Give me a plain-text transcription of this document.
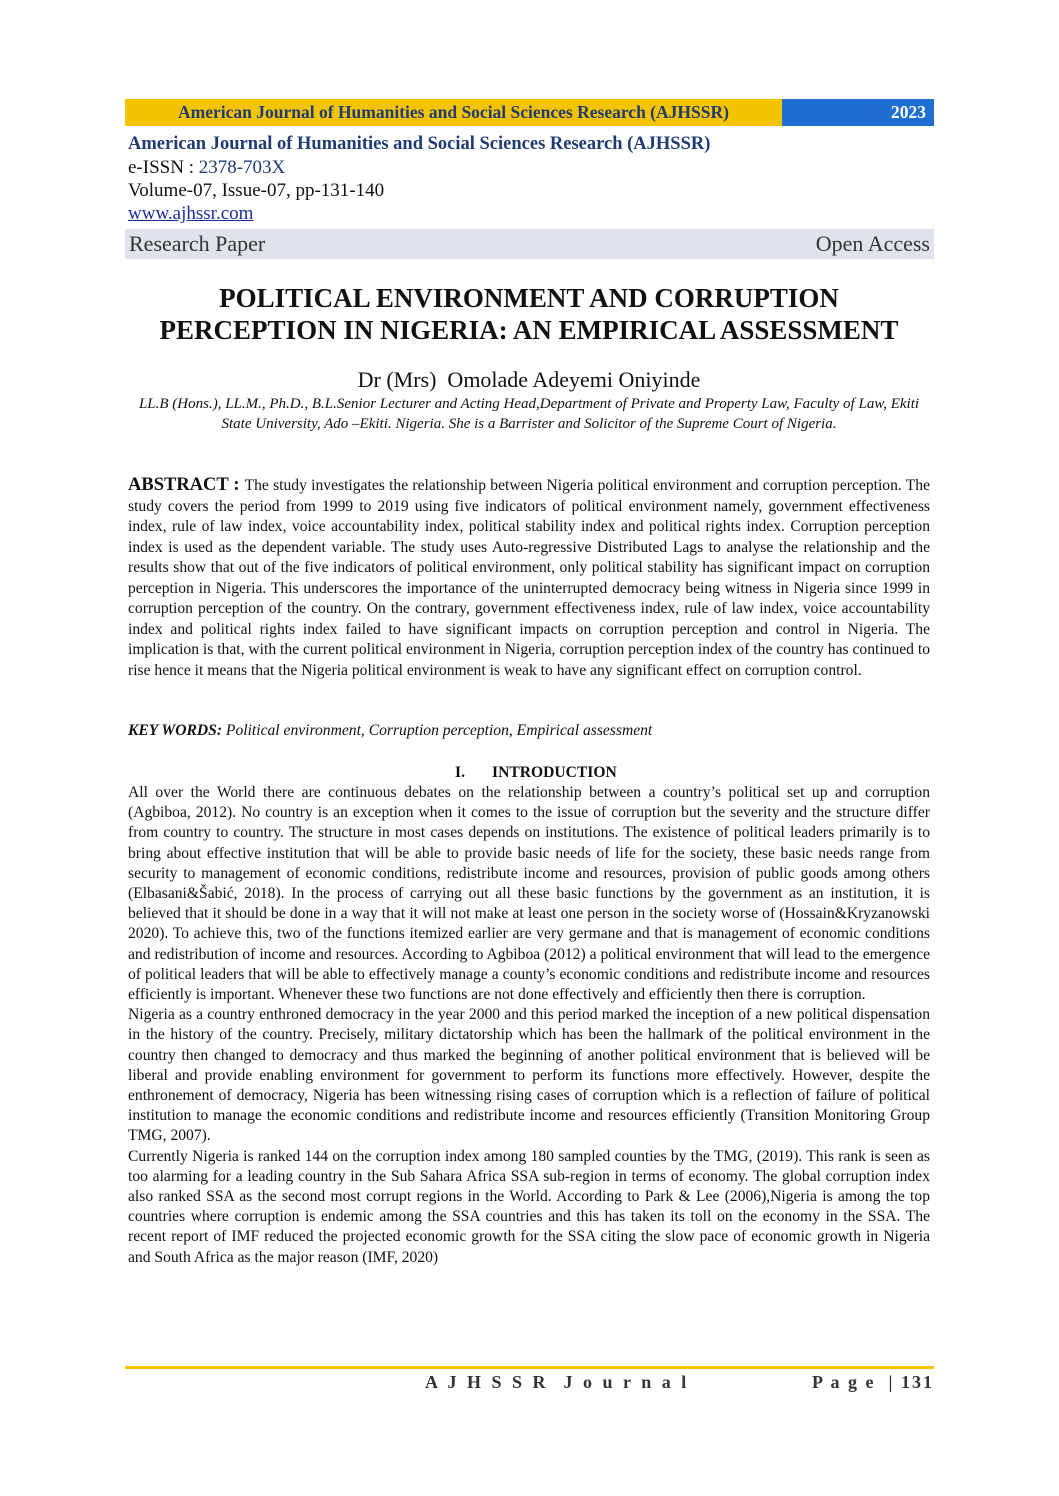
American Journal of Humanities and Social Sciences Research (AJHSSR)	2023
American Journal of Humanities and Social Sciences Research (AJHSSR)
e-ISSN : 2378-703X
Volume-07, Issue-07, pp-131-140
www.ajhssr.com
Research Paper	Open Access
POLITICAL ENVIRONMENT AND CORRUPTION
PERCEPTION IN NIGERIA: AN EMPIRICAL ASSESSMENT
Dr (Mrs)  Omolade Adeyemi Oniyinde
LL.B (Hons.), LL.M., Ph.D., B.L.Senior Lecturer and Acting Head,Department of Private and Property Law, Faculty of Law, Ekiti State University, Ado –Ekiti. Nigeria. She is a Barrister and Solicitor of the Supreme Court of Nigeria.
ABSTRACT : The study investigates the relationship between Nigeria political environment and corruption perception. The study covers the period from 1999 to 2019 using five indicators of political environment namely, government effectiveness index, rule of law index, voice accountability index, political stability index and political rights index. Corruption perception index is used as the dependent variable. The study uses Auto-regressive Distributed Lags to analyse the relationship and the results show that out of the five indicators of political environment, only political stability has significant impact on corruption perception in Nigeria. This underscores the importance of the uninterrupted democracy being witness in Nigeria since 1999 in corruption perception of the country. On the contrary, government effectiveness index, rule of law index, voice accountability index and political rights index failed to have significant impacts on corruption perception and control in Nigeria. The implication is that, with the current political environment in Nigeria, corruption perception index of the country has continued to rise hence it means that the Nigeria political environment is weak to have any significant effect on corruption control.
KEY WORDS: Political environment, Corruption perception, Empirical assessment
I. INTRODUCTION

All over the World there are continuous debates on the relationship between a country’s political set up and corruption (Agbiboa, 2012). No country is an exception when it comes to the issue of corruption but the severity and the structure differ from country to country. The structure in most cases depends on institutions. The existence of political leaders primarily is to bring about effective institution that will be able to provide basic needs of life for the society, these basic needs range from security to management of economic conditions, redistribute income and resources, provision of public goods among others (Elbasani&Šabić, 2018). In the process of carrying out all these basic functions by the government as an institution, it is believed that it should be done in a way that it will not make at least one person in the society worse of (Hossain&Kryzanowski 2020). To achieve this, two of the functions itemized earlier are very germane and that is management of economic conditions and redistribution of income and resources. According to Agbiboa (2012) a political environment that will lead to the emergence of political leaders that will be able to effectively manage a county’s economic conditions and redistribute income and resources efficiently is important. Whenever these two functions are not done effectively and efficiently then there is corruption.

Nigeria as a country enthroned democracy in the year 2000 and this period marked the inception of a new political dispensation in the history of the country. Precisely, military dictatorship which has been the hallmark of the political environment in the country then changed to democracy and thus marked the beginning of another political environment that is believed will be liberal and provide enabling environment for government to perform its functions more effectively. However, despite the enthronement of democracy, Nigeria has been witnessing rising cases of corruption which is a reflection of failure of political institution to manage the economic conditions and redistribute income and resources efficiently (Transition Monitoring Group TMG, 2007).

Currently Nigeria is ranked 144 on the corruption index among 180 sampled counties by the TMG, (2019). This rank is seen as too alarming for a leading country in the Sub Sahara Africa SSA sub-region in terms of economy. The global corruption index also ranked SSA as the second most corrupt regions in the World. According to Park & Lee (2006),Nigeria is among the top countries where corruption is endemic among the SSA countries and this has taken its toll on the economy in the SSA. The recent report of IMF reduced the projected economic growth for the SSA citing the slow pace of economic growth in Nigeria and South Africa as the major reason (IMF, 2020)

A J H S S R  J o u r n a l	P a g e  | 131
